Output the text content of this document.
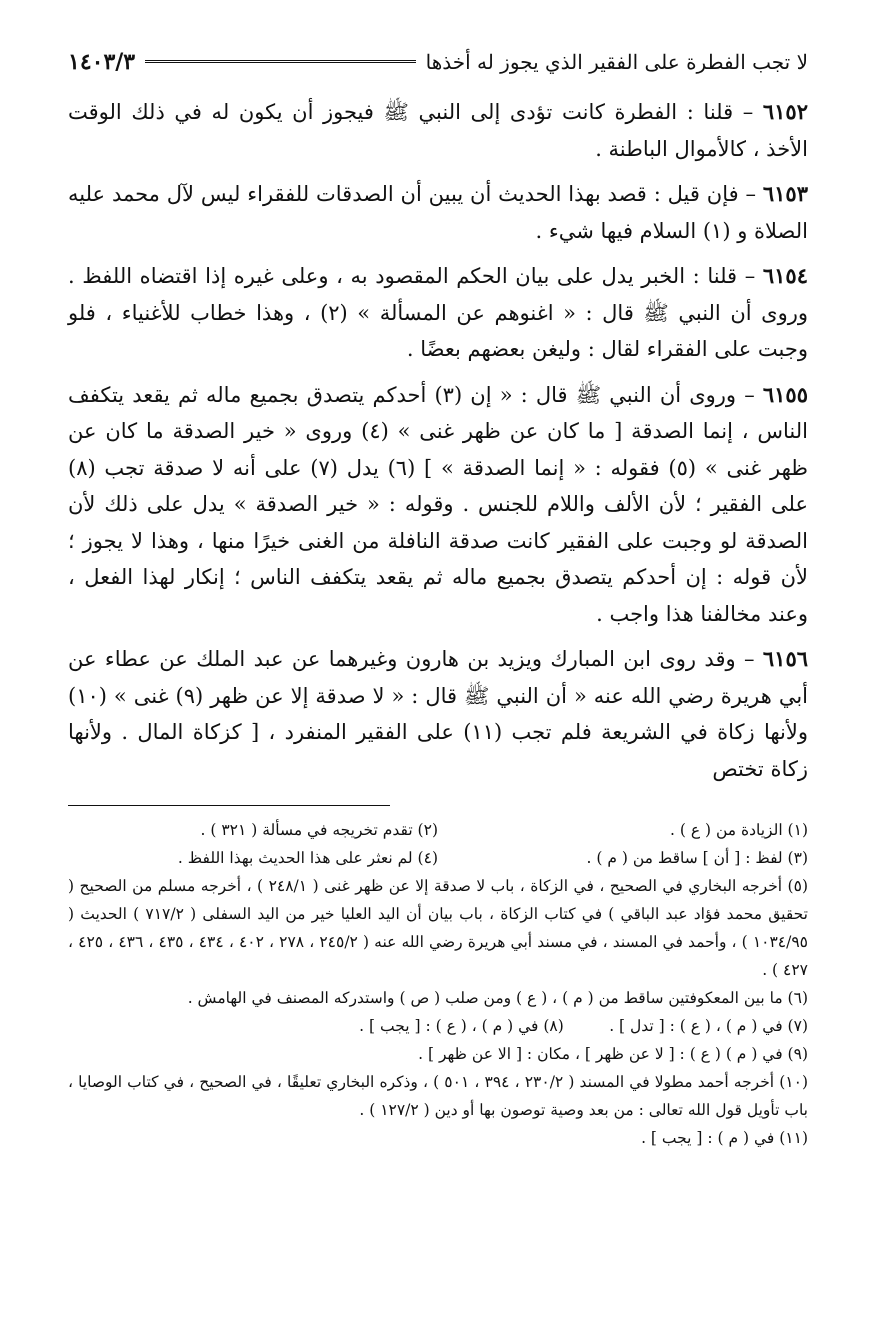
لا تجب الفطرة على الفقير الذي يجوز له أخذها
١٤٠٣/٣

٦١٥٢ – قلنا : الفطرة كانت تؤدى إلى النبي ﷺ فيجوز أن يكون له في ذلك الوقت الأخذ ، كالأموال الباطنة .

٦١٥٣ – فإن قيل : قصد بهذا الحديث أن يبين أن الصدقات للفقراء ليس لآل محمد عليه الصلاة و (١) السلام فيها شيء .

٦١٥٤ – قلنا : الخبر يدل على بيان الحكم المقصود به ، وعلى غيره إذا اقتضاه اللفظ . وروى أن النبي ﷺ قال : « اغنوهم عن المسألة » (٢) ، وهذا خطاب للأغنياء ، فلو وجبت على الفقراء لقال : وليغن بعضهم بعضًا .

٦١٥٥ – وروى أن النبي ﷺ قال : « إن (٣) أحدكم يتصدق بجميع ماله ثم يقعد يتكفف الناس ، إنما الصدقة [ ما كان عن ظهر غنى » (٤) وروى « خير الصدقة ما كان عن ظهر غنى » (٥) فقوله : « إنما الصدقة » ] (٦) يدل (٧) على أنه لا صدقة تجب (٨) على الفقير ؛ لأن الألف واللام للجنس . وقوله : « خير الصدقة » يدل على ذلك لأن الصدقة لو وجبت على الفقير كانت صدقة النافلة من الغنى خيرًا منها ، وهذا لا يجوز ؛ لأن قوله : إن أحدكم يتصدق بجميع ماله ثم يقعد يتكفف الناس ؛ إنكار لهذا الفعل ، وعند مخالفنا هذا واجب .

٦١٥٦ – وقد روى ابن المبارك ويزيد بن هارون وغيرهما عن عبد الملك عن عطاء عن أبي هريرة رضي الله عنه « أن النبي ﷺ قال : « لا صدقة إلا عن ظهر (٩) غنى » (١٠) ولأنها زكاة في الشريعة فلم تجب (١١) على الفقير المنفرد ، [ كزكاة المال . ولأنها زكاة تختص

(١) الزيادة من ( ع ) .
(٢) تقدم تخريجه في مسألة ( ٣٢١ ) .
(٣) لفظ : [ أن ] ساقط من ( م ) .
(٤) لم نعثر على هذا الحديث بهذا اللفظ .
(٥) أخرجه البخاري في الصحيح ، في الزكاة ، باب لا صدقة إلا عن ظهر غنى ( ٢٤٨/١ ) ، أخرجه مسلم من الصحيح ( تحقيق محمد فؤاد عبد الباقي ) في كتاب الزكاة ، باب بيان أن اليد العليا خير من اليد السفلى ( ٧١٧/٢ ) الحديث ( ١٠٣٤/٩٥ ) ، وأحمد في المسند ، في مسند أبي هريرة رضي الله عنه ( ٢٤٥/٢ ، ٢٧٨ ، ٤٠٢ ، ٤٣٤ ، ٤٣٥ ، ٤٣٦ ، ٤٢٥ ، ٤٢٧ ) .
(٦) ما بين المعكوفتين ساقط من ( م ) ، ( ع ) ومن صلب ( ص ) واستدركه المصنف في الهامش .
(٧) في ( م ) ، ( ع ) : [ تدل ] .
(٨) في ( م ) ، ( ع ) : [ يجب ] .
(٩) في ( م ) ( ع ) : [ لا عن ظهر ] ، مكان : [ الا عن ظهر ] .
(١٠) أخرجه أحمد مطولا في المسند ( ٢٣٠/٢ ، ٣٩٤ ، ٥٠١ ) ، وذكره البخاري تعليقًا ، في الصحيح ، في كتاب الوصايا ، باب تأويل قول الله تعالى : من بعد وصية توصون بها أو دين ( ١٢٧/٢ ) .
(١١) في ( م ) : [ يجب ] .
